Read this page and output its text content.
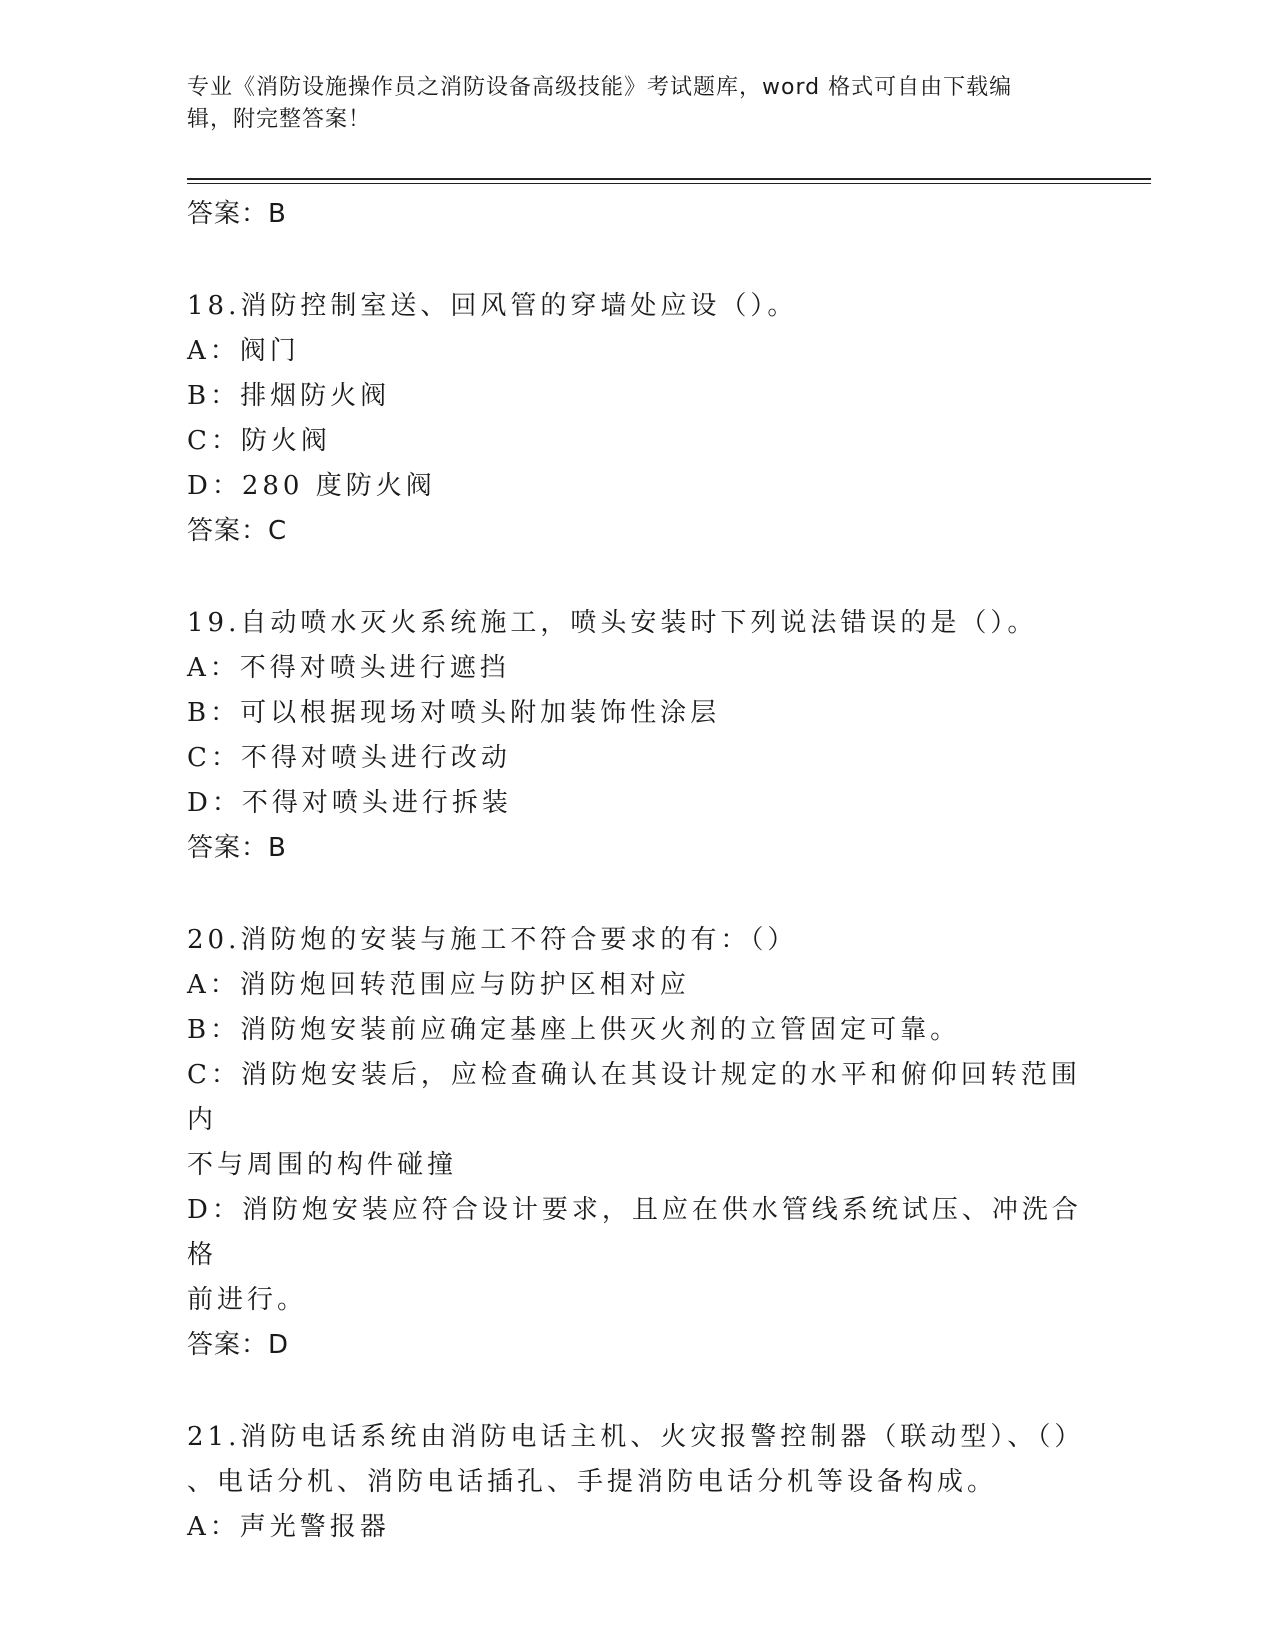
专业《消防设施操作员之消防设备高级技能》考试题库，word 格式可自由下载编
辑，附完整答案！
答案：B
18.消防控制室送、回风管的穿墙处应设（）。
A：阀门
B：排烟防火阀
C：防火阀
D：280 度防火阀
答案：C
19.自动喷水灭火系统施工，喷头安装时下列说法错误的是（）。
A：不得对喷头进行遮挡
B：可以根据现场对喷头附加装饰性涂层
C：不得对喷头进行改动
D：不得对喷头进行拆装
答案：B
20.消防炮的安装与施工不符合要求的有：（）
A：消防炮回转范围应与防护区相对应
B：消防炮安装前应确定基座上供灭火剂的立管固定可靠。
C：消防炮安装后，应检查确认在其设计规定的水平和俯仰回转范围内
不与周围的构件碰撞
D：消防炮安装应符合设计要求，且应在供水管线系统试压、冲洗合格
前进行。
答案：D
21.消防电话系统由消防电话主机、火灾报警控制器（联动型）、（）
、电话分机、消防电话插孔、手提消防电话分机等设备构成。
A：声光警报器
